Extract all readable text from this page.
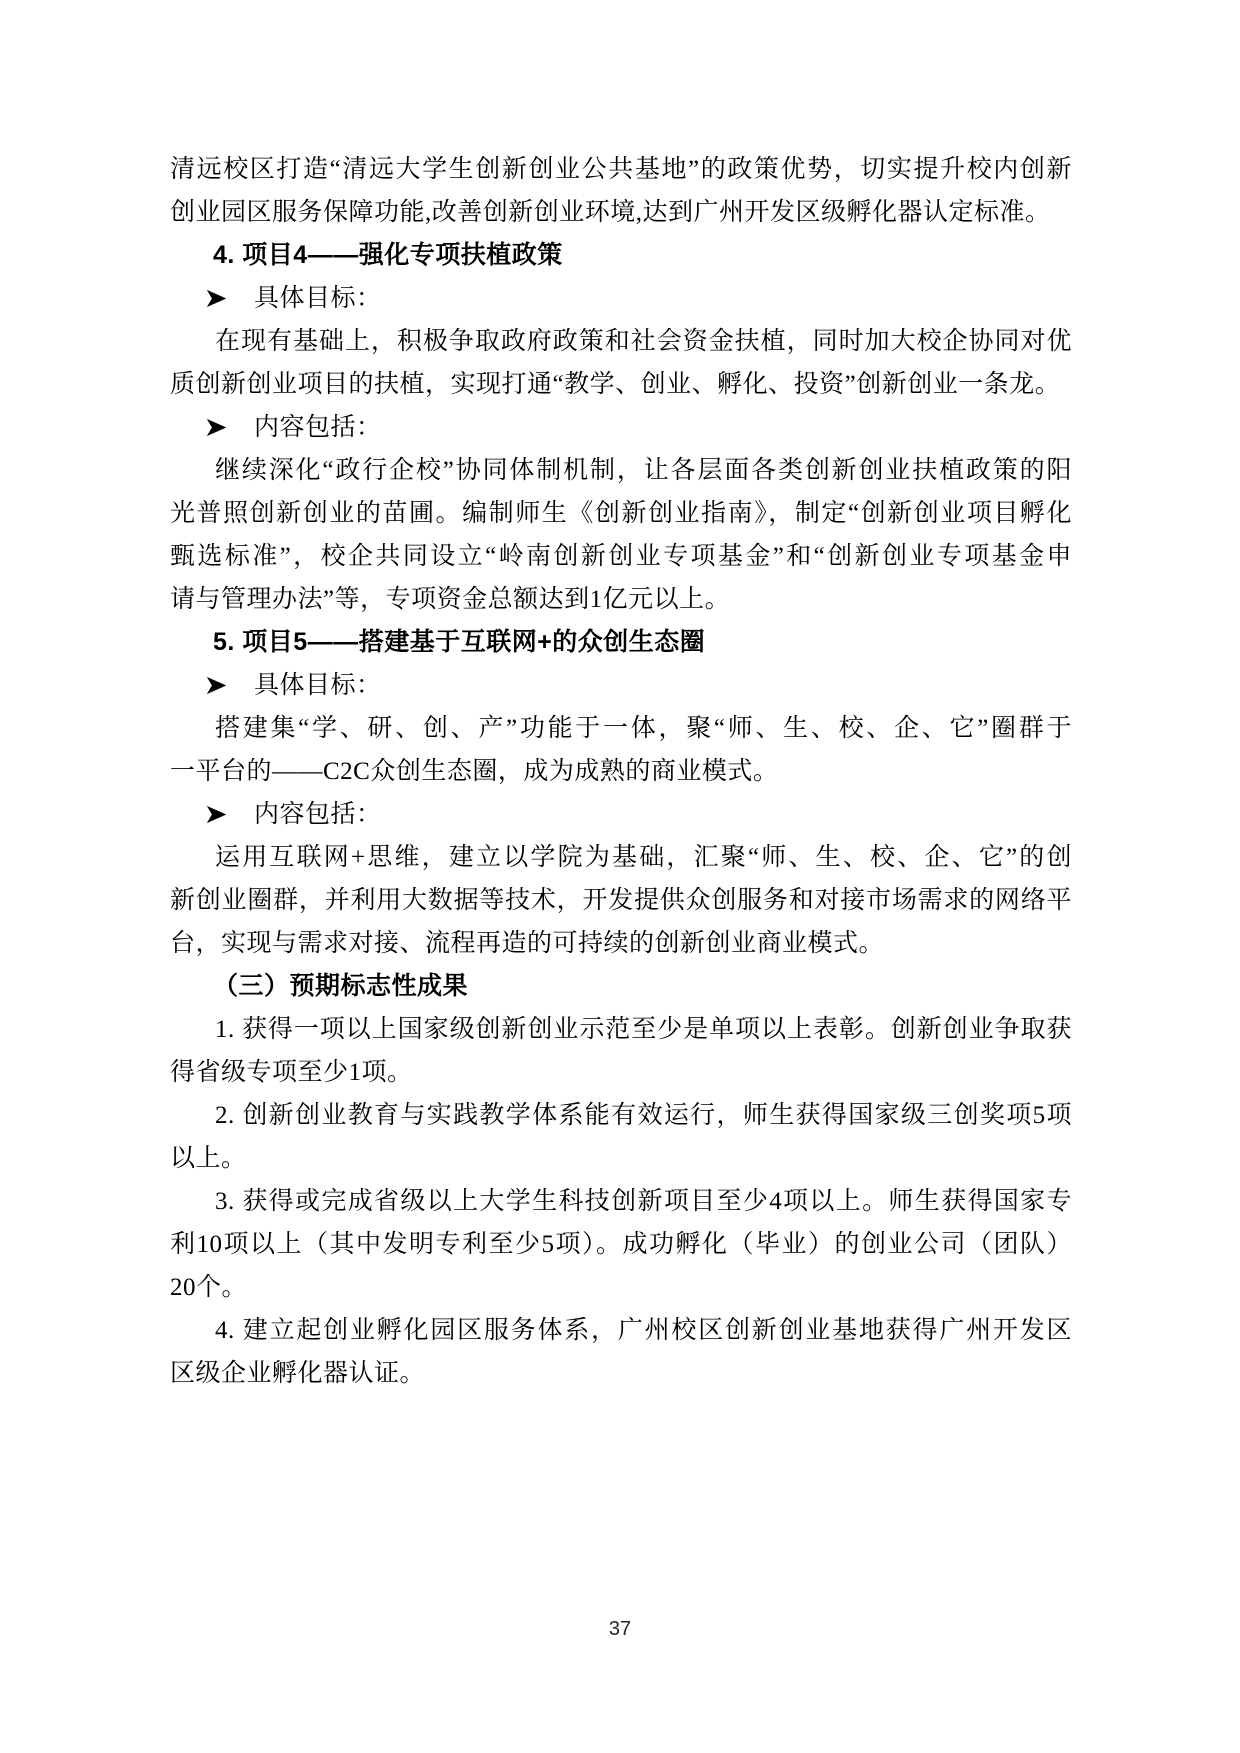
清远校区打造“清远大学生创新创业公共基地”的政策优势，切实提升校内创新
创业园区服务保障功能,改善创新创业环境,达到广州开发区级孵化器认定标准。
4. 项目4——强化专项扶植政策
具体目标：
在现有基础上，积极争取政府政策和社会资金扶植，同时加大校企协同对优
质创新创业项目的扶植，实现打通“教学、创业、孵化、投资”创新创业一条龙。
内容包括：
继续深化“政行企校”协同体制机制，让各层面各类创新创业扶植政策的阳
光普照创新创业的苗圃。编制师生《创新创业指南》，制定“创新创业项目孵化
甄选标准”，校企共同设立“岭南创新创业专项基金”和“创新创业专项基金申
请与管理办法”等，专项资金总额达到1亿元以上。
5. 项目5——搭建基于互联网+的众创生态圈
具体目标：
搭建集“学、研、创、产”功能于一体，聚“师、生、校、企、它”圈群于
一平台的——C2C众创生态圈，成为成熟的商业模式。
内容包括：
运用互联网+思维，建立以学院为基础，汇聚“师、生、校、企、它”的创
新创业圈群，并利用大数据等技术，开发提供众创服务和对接市场需求的网络平
台，实现与需求对接、流程再造的可持续的创新创业商业模式。
（三）预期标志性成果
1. 获得一项以上国家级创新创业示范至少是单项以上表彰。创新创业争取获
得省级专项至少1项。
2. 创新创业教育与实践教学体系能有效运行，师生获得国家级三创奖项5项
以上。
3. 获得或完成省级以上大学生科技创新项目至少4项以上。师生获得国家专
利10项以上（其中发明专利至少5项）。成功孵化（毕业）的创业公司（团队）
20个。
4. 建立起创业孵化园区服务体系，广州校区创新创业基地获得广州开发区
区级企业孵化器认证。
37
